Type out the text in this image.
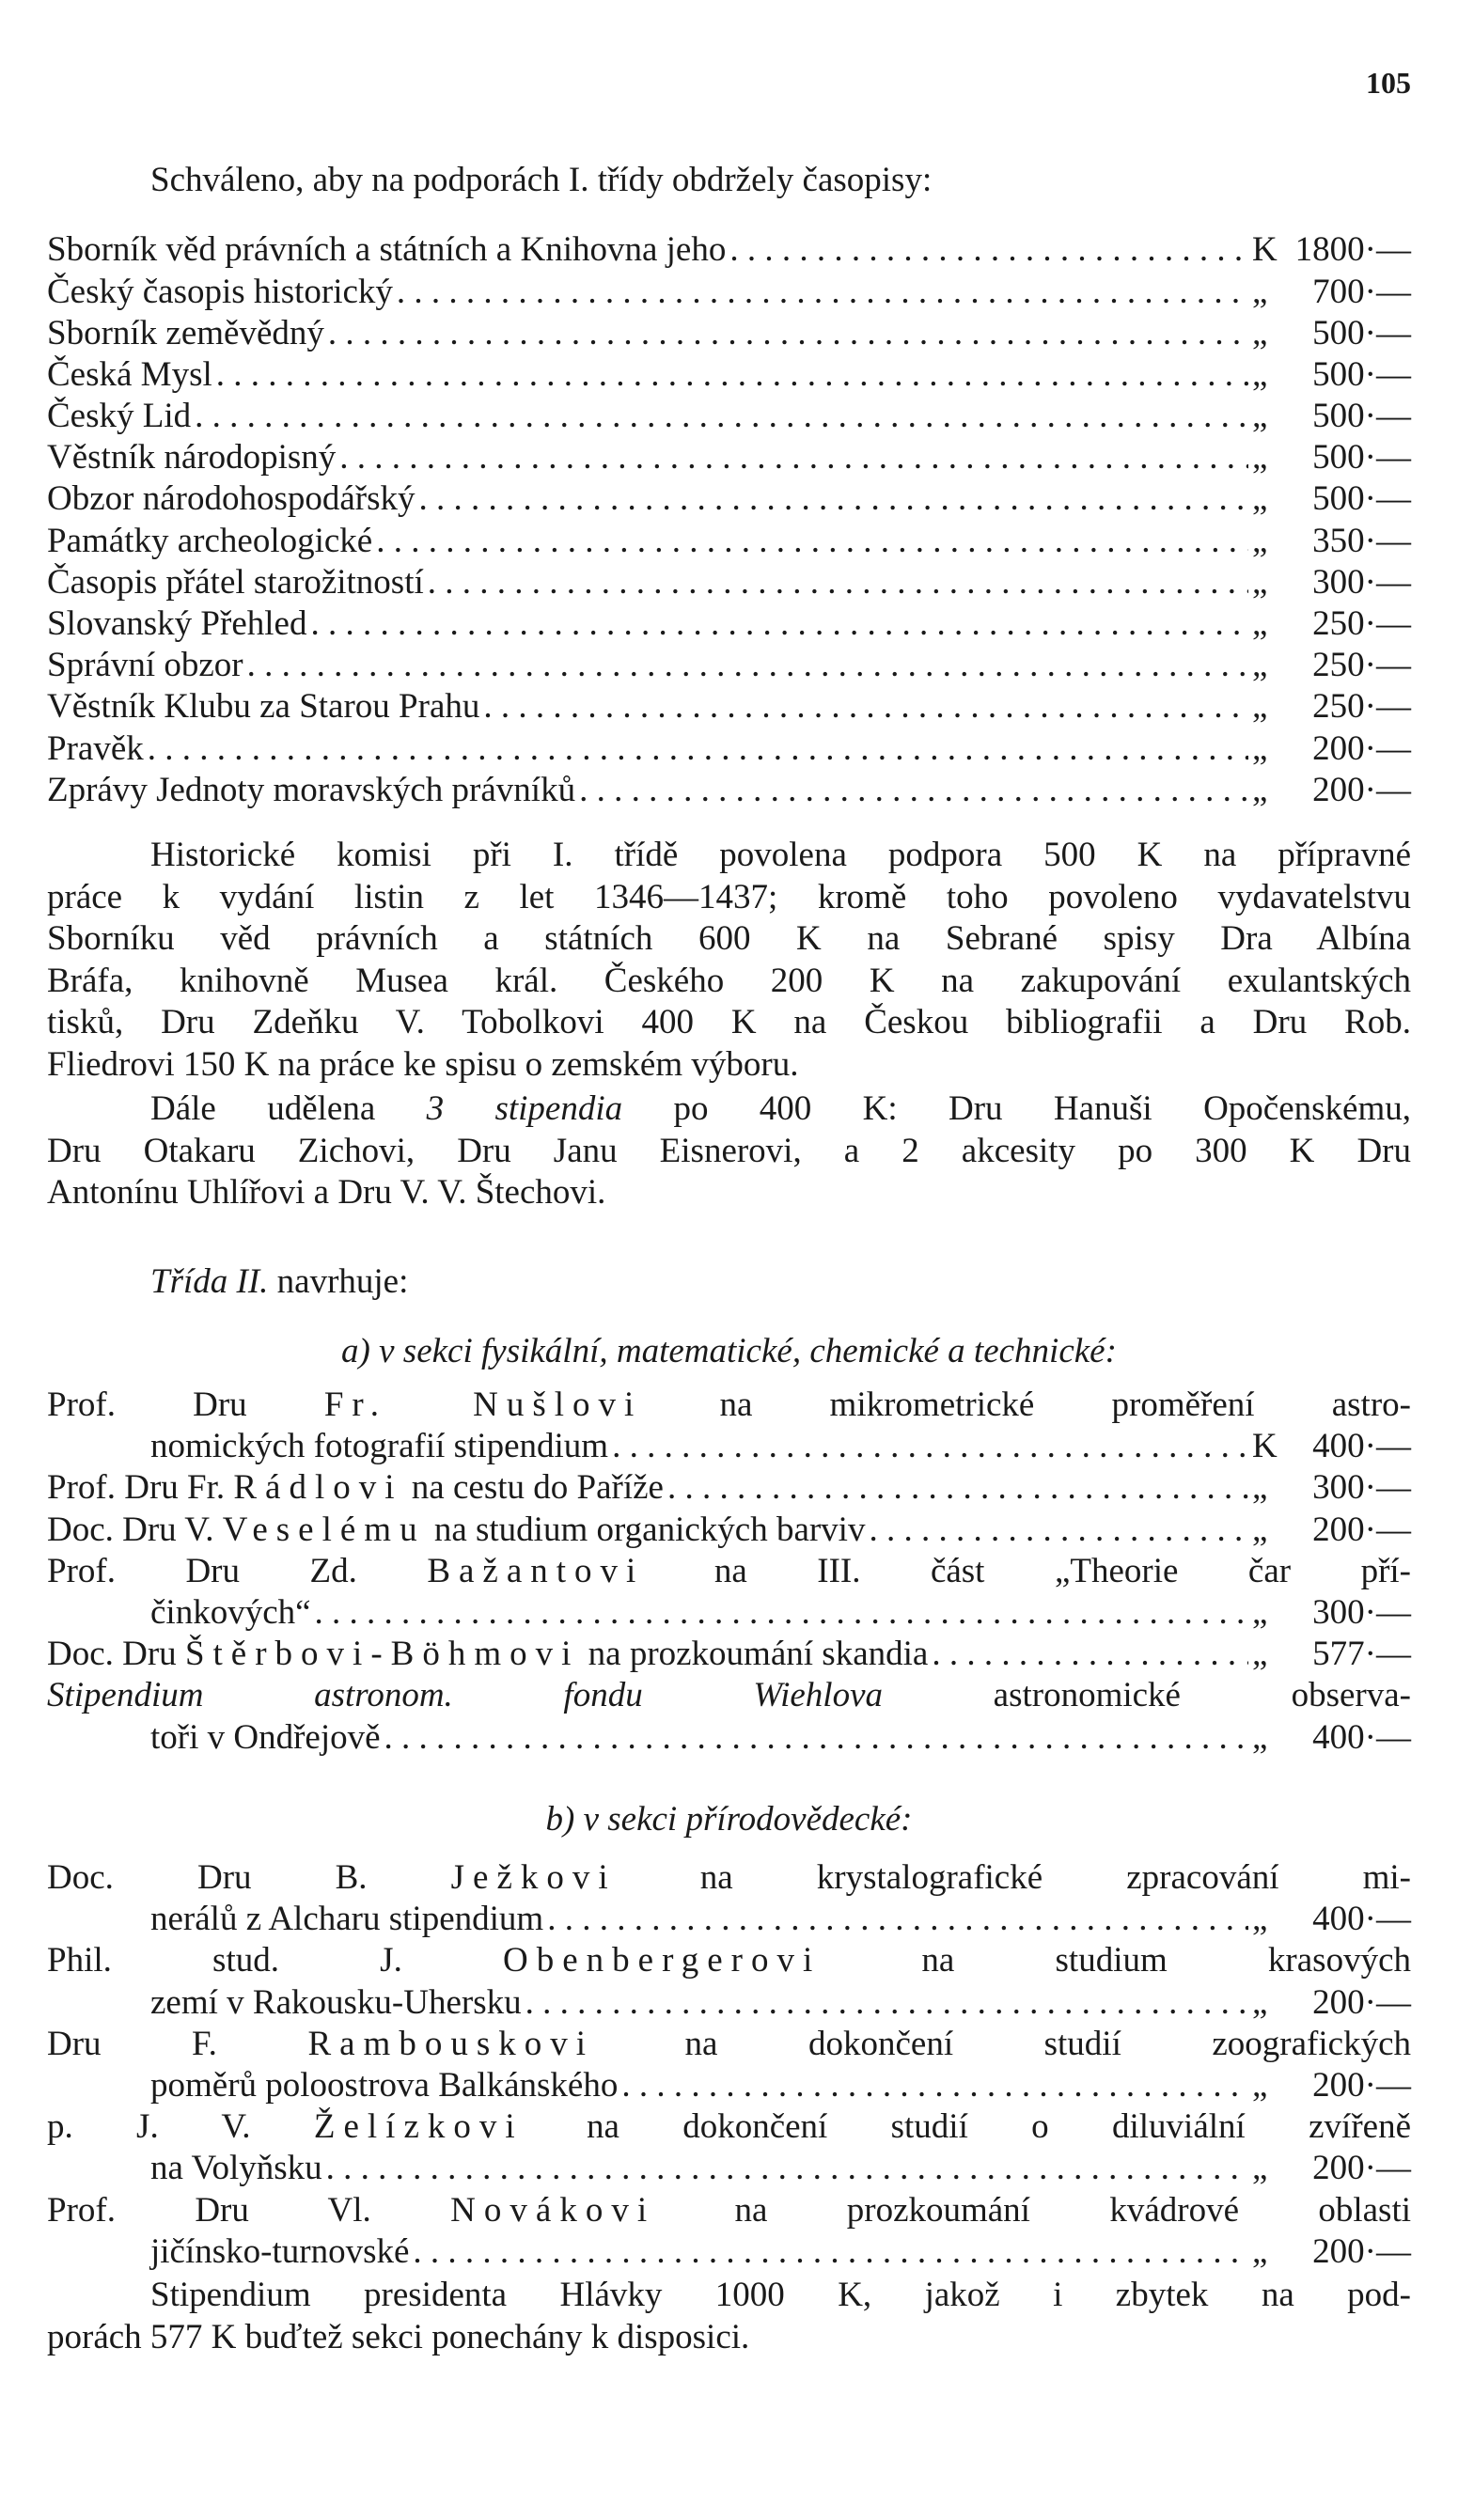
105
Schváleno, aby na podporách I. třídy obdržely časopisy:
Sborník věd právních a státních a Knihovna jeho . . .	K 1800·—
Český časopis historický . . .	„	700·—
Sborník zeměvědný . . .	„	500·—
Česká Mysl . . .	„	500·—
Český Lid . . .	„	500·—
Věstník národopisný . . .	„	500·—
Obzor národohospodářský . . .	„	500·—
Památky archeologické . . .	„	350·—
Časopis přátel starožitností . . .	„	300·—
Slovanský Přehled . . .	„	250·—
Správní obzor . . .	„	250·—
Věstník Klubu za Starou Prahu . . .	„	250·—
Pravěk . . .	„	200·—
Zprávy Jednoty moravských právníků . . .	„	200·—
Historické komisi při I. třídě povolena podpora 500 K na přípravné
práce k vydání listin z let 1346—1437; kromě toho povoleno vydavatelstvu
Sborníku věd právních a státních 600 K na Sebrané spisy Dra Albína
Bráfa, knihovně Musea král. Českého 200 K na zakupování exulantských
tisků, Dru Zdeňku V. Tobolkovi 400 K na Českou bibliografii a Dru Rob.
Fliedrovi 150 K na práce ke spisu o zemském výboru.
Dále udělena 3 stipendia po 400 K: Dru Hanuši Opočenskému,
Dru Otakaru Zichovi, Dru Janu Eisnerovi, a 2 akcesity po 300 K Dru
Antonínu Uhlířovi a Dru V. V. Štechovi.
Třída II. navrhuje:
a) v sekci fysikální, matematické, chemické a technické:
Prof. Dru Fr. Nušlovi na mikrometrické proměření astro-
nomických fotografií stipendium . . .	K	400·—
Prof. Dru Fr. Rádlovi na cestu do Paříže . . .	„	300·—
Doc. Dru V. Veselému na studium organických barviv . . .	„	200·—
Prof. Dru Zd. Bažantovi na III. část „Theorie čar pří-
činkových“ . . .	„	300·—
Doc. Dru Štěrbovi-Böhmovi na prozkoumání skandia . . .	„	577·—
Stipendium astronom. fondu Wiehlova astronomické observa-
toři v Ondřejově . . .	„	400·—
b) v sekci přírodovědecké:
Doc. Dru B. Ježkovi na krystalografické zpracování mi-
nerálů z Alcharu stipendium . . .	„	400·—
Phil. stud. J. Obenbergerovi na studium krasových
zemí v Rakousku-Uhersku . . .	„	200·—
Dru F. Rambouskovi na dokončení studií zoografických
poměrů poloostrova Balkánského . . .	„	200·—
p. J. V. Želízkovi na dokončení studií o diluviální zvířeně
na Volyňsku . . .	„	200·—
Prof. Dru Vl. Novákovi na prozkoumání kvádrové oblasti
jičínsko-turnovské . . .	„	200·—
Stipendium presidenta Hlávky 1000 K, jakož i zbytek na pod-
porách 577 K buďtež sekci ponechány k disposici.
